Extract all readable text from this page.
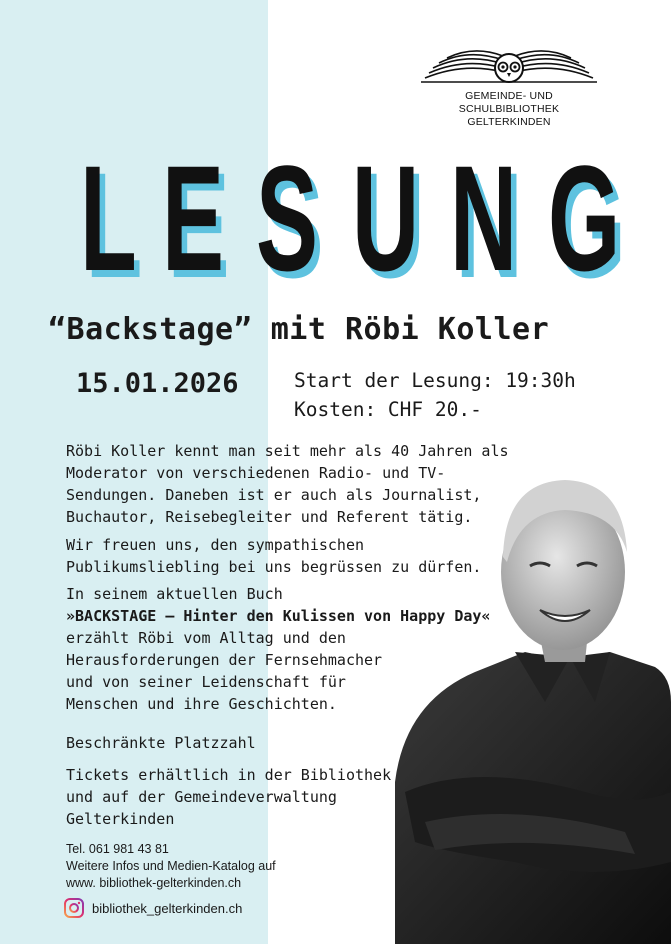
GEMEINDE- UND SCHULBIBLIOTHEK
GELTERKINDEN
L E S U N G
“Backstage” mit Röbi Koller
15.01.2026	Start der Lesung: 19:30h
Kosten: CHF 20.-

Röbi Koller kennt man seit mehr als 40 Jahren als
Moderator von verschiedenen Radio- und TV-
Sendungen. Daneben ist er auch als Journalist,
Buchautor, Reisebegleiter und Referent tätig.

Wir freuen uns, den sympathischen
Publikumsliebling bei uns begrüssen zu dürfen.

In seinem aktuellen Buch
»BACKSTAGE – Hinter den Kulissen von Happy Day«
erzählt Röbi vom Alltag und den
Herausforderungen der Fernsehmacher
und von seiner Leidenschaft für
Menschen und ihre Geschichten.

Beschränkte Platzzahl

Tickets erhältlich in der Bibliothek
und auf der Gemeindeverwaltung
Gelterkinden

Tel. 061 981 43 81
Weitere Infos und Medien-Katalog auf
www. bibliothek-gelterkinden.ch
bibliothek_gelterkinden.ch
